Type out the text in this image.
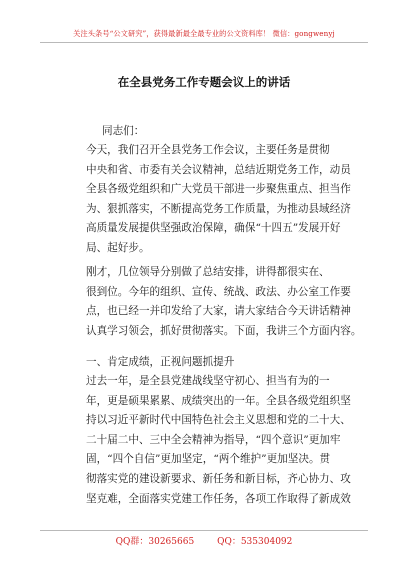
关注头条号“公文研究”，获得最新最全最专业的公文资料库！ 微信：gongwenyj
在全县党务工作专题会议上的讲话
同志们：
今天，我们召开全县党务工作会议，主要任务是贯彻
中央和省、市委有关会议精神，总结近期党务工作，动员
全县各级党组织和广大党员干部进一步聚焦重点、担当作
为、狠抓落实，不断提高党务工作质量，为推动县域经济
高质量发展提供坚强政治保障，确保“十四五”发展开好
局、起好步。
刚才，几位领导分别做了总结安排，讲得都很实在、
很到位。今年的组织、宣传、统战、政法、办公室工作要
点，也已经一并印发给了大家，请大家结合今天讲话精神
认真学习领会，抓好贯彻落实。下面，我讲三个方面内容。
一、肯定成绩，正视问题抓提升
过去一年，是全县党建战线坚守初心、担当有为的一
年，更是硕果累累、成绩突出的一年。全县各级党组织坚
持以习近平新时代中国特色社会主义思想和党的二十大、
二十届二中、三中全会精神为指导，“四个意识”更加牢
固，“四个自信”更加坚定，“两个维护”更加坚决。贯
彻落实党的建设新要求、新任务和新目标，齐心协力、攻
坚克难，全面落实党建工作任务，各项工作取得了新成效
QQ群：30265665	QQ：535304092
